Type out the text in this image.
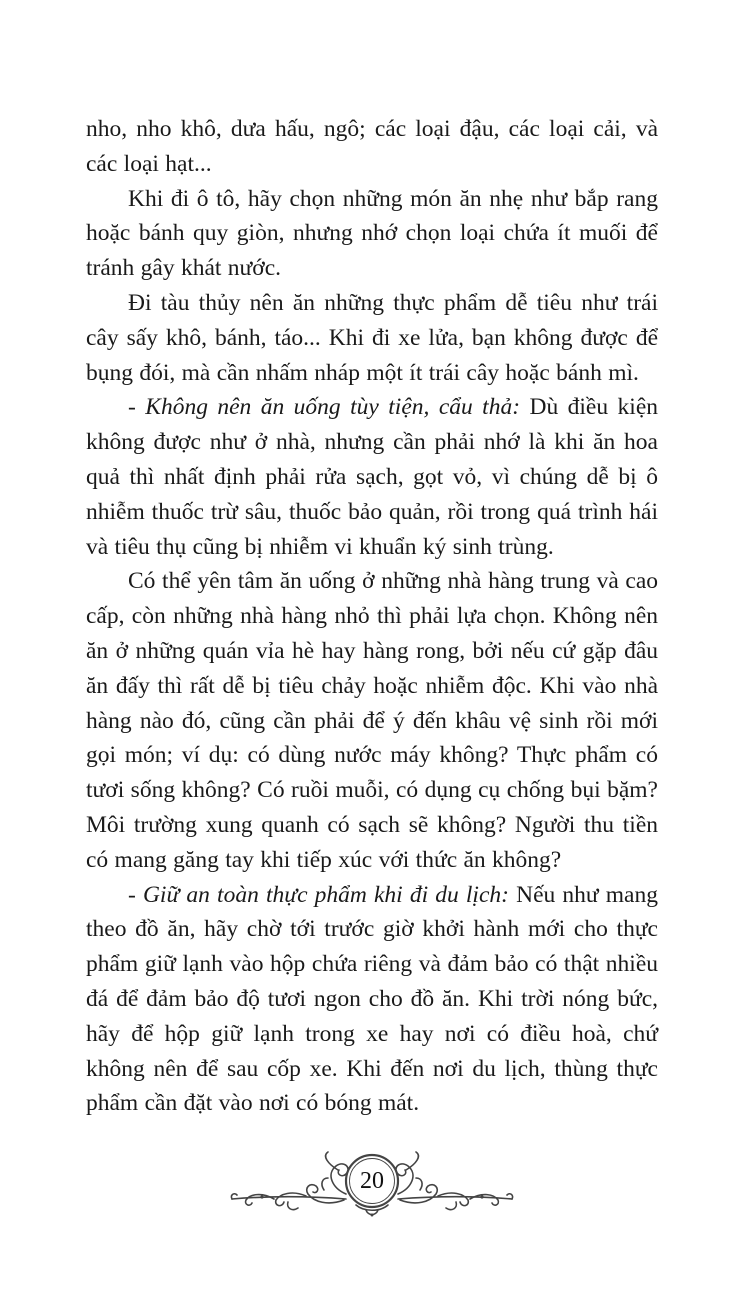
nho, nho khô, dưa hấu, ngô; các loại đậu, các loại cải, và các loại hạt...

Khi đi ô tô, hãy chọn những món ăn nhẹ như bắp rang hoặc bánh quy giòn, nhưng nhớ chọn loại chứa ít muối để tránh gây khát nước.

Đi tàu thủy nên ăn những thực phẩm dễ tiêu như trái cây sấy khô, bánh, táo... Khi đi xe lửa, bạn không được để bụng đói, mà cần nhấm nháp một ít trái cây hoặc bánh mì.

- Không nên ăn uống tùy tiện, cẩu thả: Dù điều kiện không được như ở nhà, nhưng cần phải nhớ là khi ăn hoa quả thì nhất định phải rửa sạch, gọt vỏ, vì chúng dễ bị ô nhiễm thuốc trừ sâu, thuốc bảo quản, rồi trong quá trình hái và tiêu thụ cũng bị nhiễm vi khuẩn ký sinh trùng.

Có thể yên tâm ăn uống ở những nhà hàng trung và cao cấp, còn những nhà hàng nhỏ thì phải lựa chọn. Không nên ăn ở những quán vỉa hè hay hàng rong, bởi nếu cứ gặp đâu ăn đấy thì rất dễ bị tiêu chảy hoặc nhiễm độc. Khi vào nhà hàng nào đó, cũng cần phải để ý đến khâu vệ sinh rồi mới gọi món; ví dụ: có dùng nước máy không? Thực phẩm có tươi sống không? Có ruồi muỗi, có dụng cụ chống bụi bặm? Môi trường xung quanh có sạch sẽ không? Người thu tiền có mang găng tay khi tiếp xúc với thức ăn không?

- Giữ an toàn thực phẩm khi đi du lịch: Nếu như mang theo đồ ăn, hãy chờ tới trước giờ khởi hành mới cho thực phẩm giữ lạnh vào hộp chứa riêng và đảm bảo có thật nhiều đá để đảm bảo độ tươi ngon cho đồ ăn. Khi trời nóng bức, hãy để hộp giữ lạnh trong xe hay nơi có điều hoà, chứ không nên để sau cốp xe. Khi đến nơi du lịch, thùng thực phẩm cần đặt vào nơi có bóng mát.

20
